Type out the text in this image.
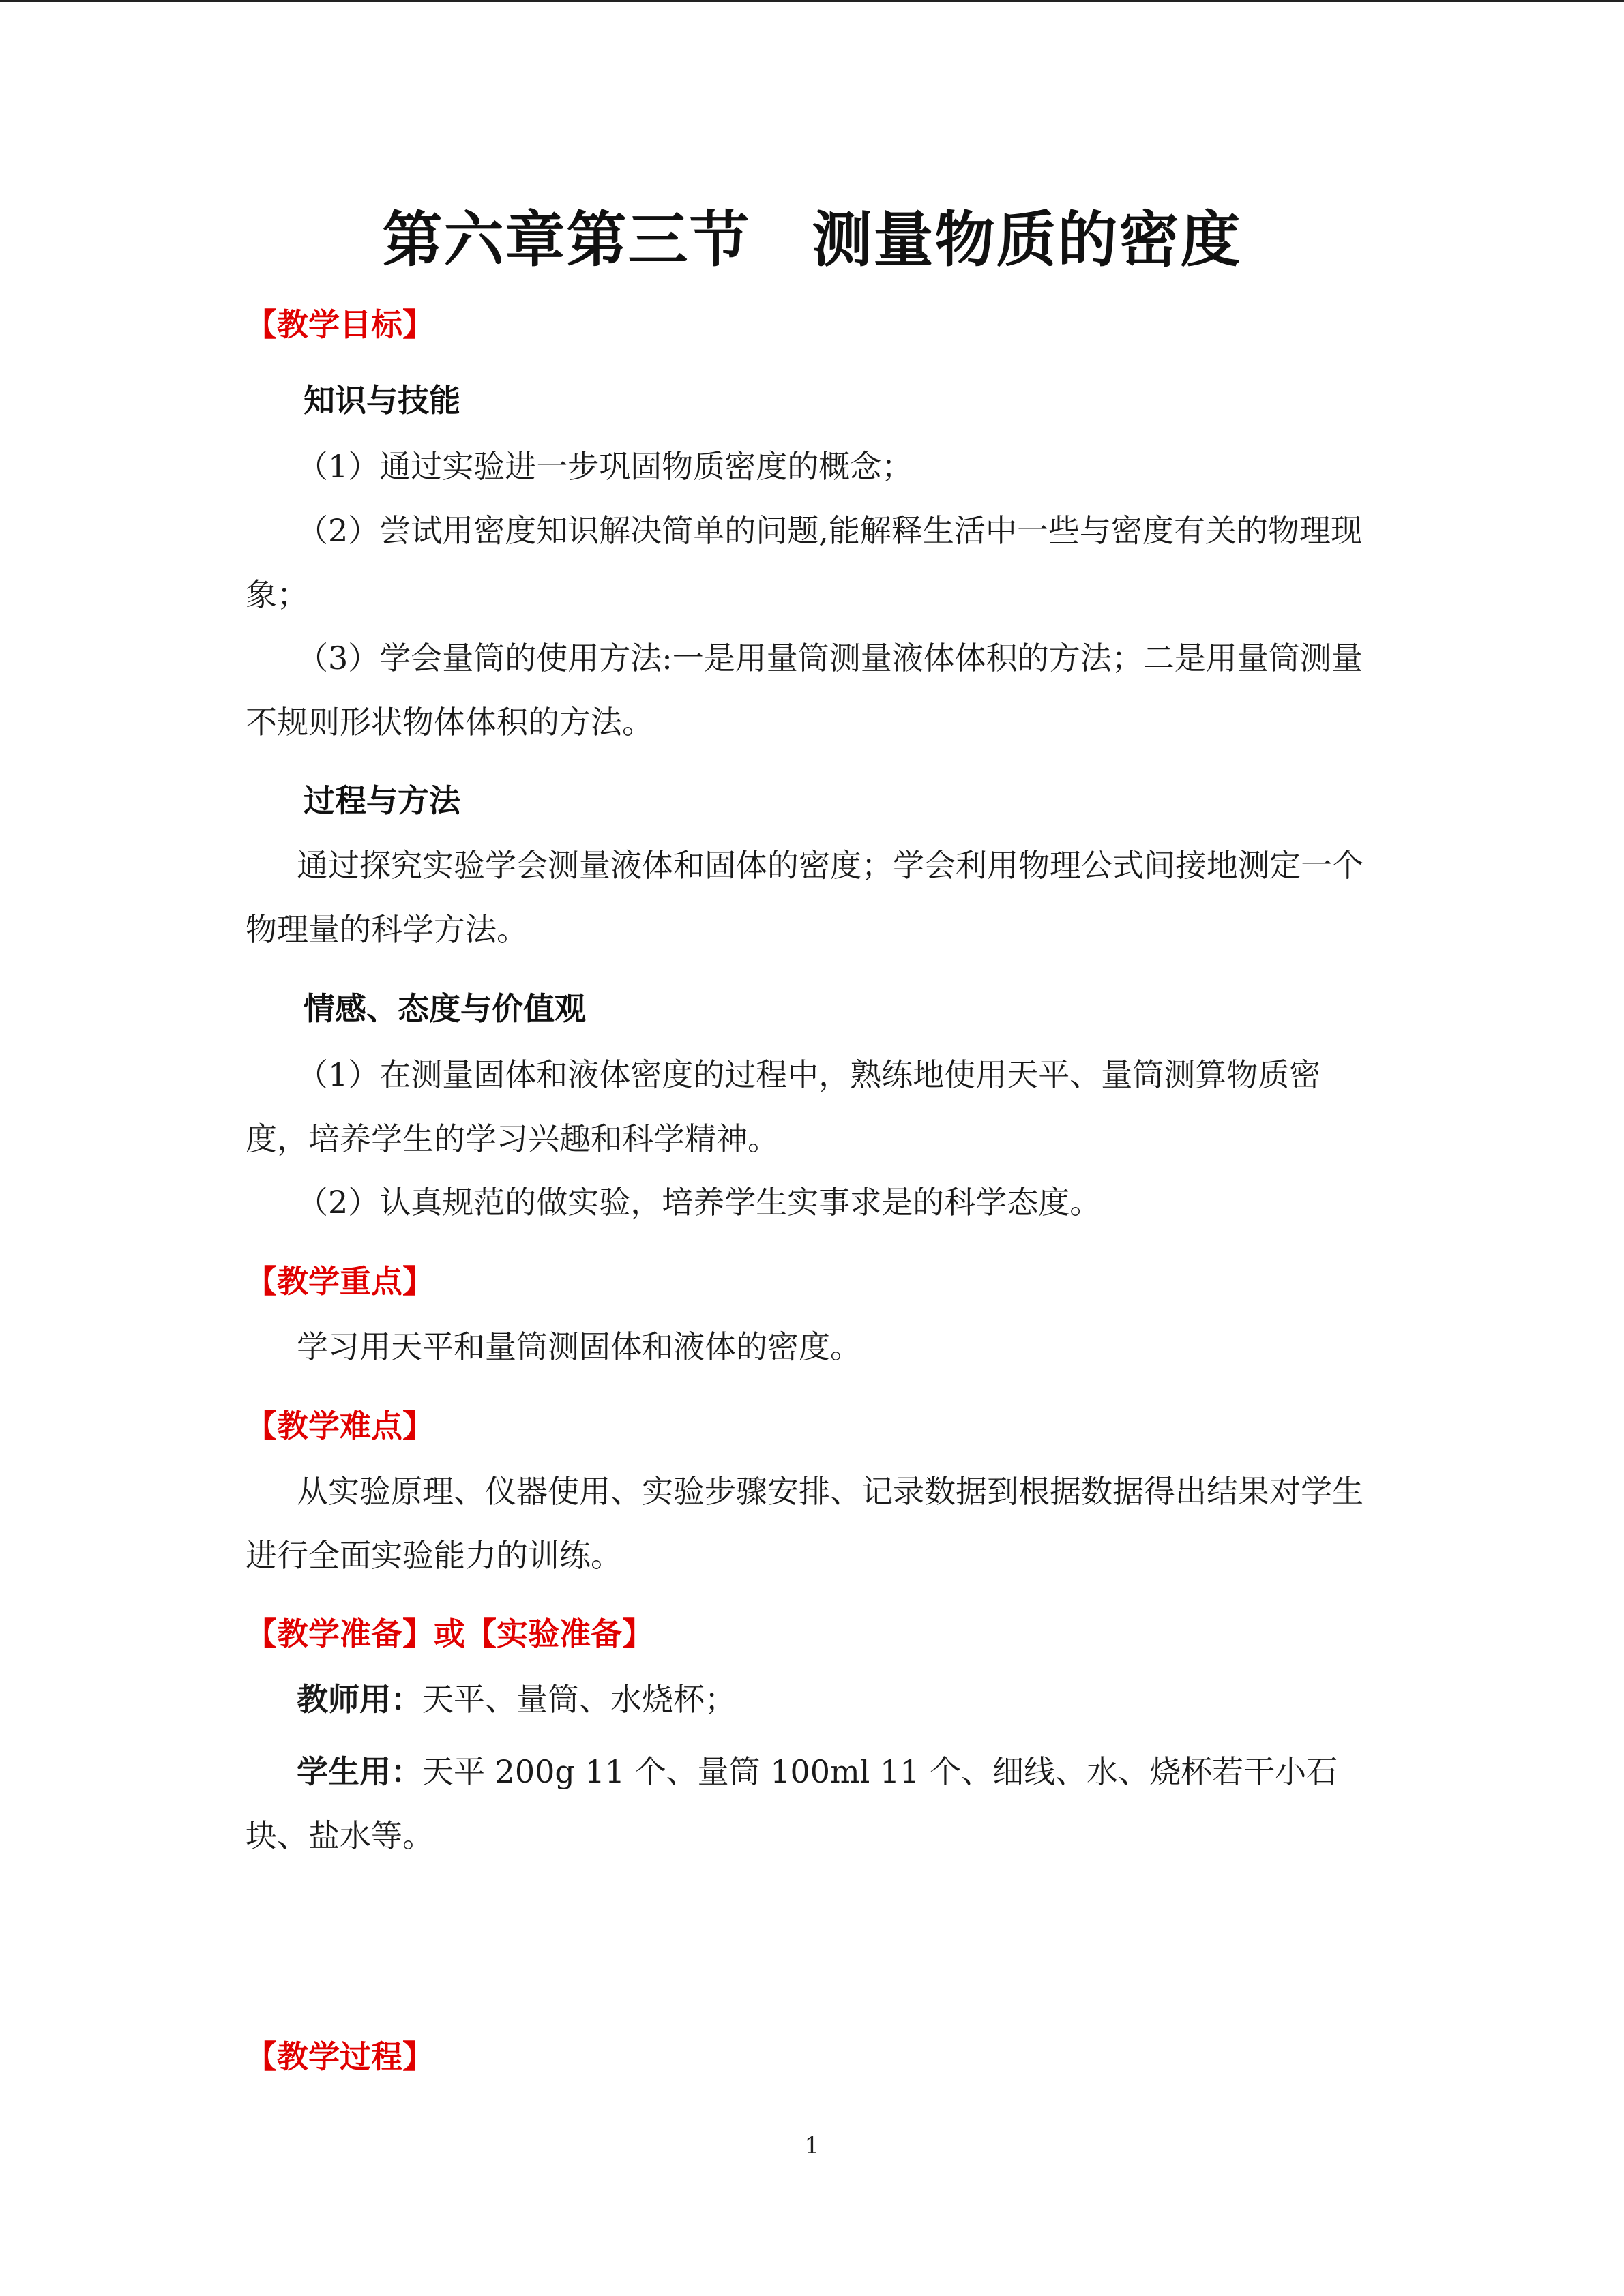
第六章第三节　测量物质的密度
【教学目标】
知识与技能
（1）通过实验进一步巩固物质密度的概念；
（2）尝试用密度知识解决简单的问题,能解释生活中一些与密度有关的物理现象；
（3）学会量筒的使用方法:一是用量筒测量液体体积的方法；二是用量筒测量不规则形状物体体积的方法。
过程与方法
通过探究实验学会测量液体和固体的密度；学会利用物理公式间接地测定一个物理量的科学方法。
情感、态度与价值观
（1）在测量固体和液体密度的过程中，熟练地使用天平、量筒测算物质密度，培养学生的学习兴趣和科学精神。
（2）认真规范的做实验，培养学生实事求是的科学态度。
【教学重点】
学习用天平和量筒测固体和液体的密度。
【教学难点】
从实验原理、仪器使用、实验步骤安排、记录数据到根据数据得出结果对学生进行全面实验能力的训练。
【教学准备】或【实验准备】
教师用：天平、量筒、水烧杯；
学生用：天平 200g 11 个、量筒 100ml 11 个、细线、水、烧杯若干小石块、盐水等。
【教学过程】
1
